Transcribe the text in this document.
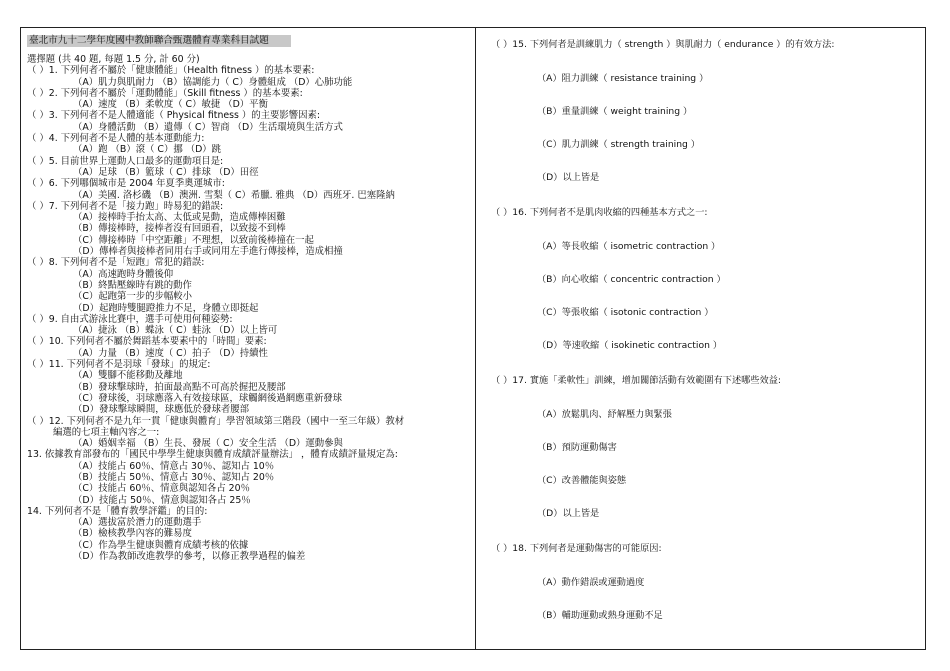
臺北市九十二學年度國中教師聯合甄選體育專業科目試題
選擇題 (共 40 題, 每題 1.5 分, 計 60 分)
（ ）1. 下列何者不屬於「健康體能」（Health fitness ）的基本要素:
（A）肌力與肌耐力 （B）協調能力（ C）身體組成 （D）心肺功能
（ ）2. 下列何者不屬於「運動體能」（Skill fitness ）的基本要素:
（A）速度 （B）柔軟度（ C）敏捷 （D）平衡
（ ）3. 下列何者不是人體適能（ Physical fitness ）的主要影響因素:
（A）身體活動 （B）遺傳（ C）智商 （D）生活環境與生活方式
（ ）4. 下列何者不是人體的基本運動能力:
（A）跑 （B）滾（ C）挪 （D）跳
（ ）5. 目前世界上運動人口最多的運動項目是:
（A）足球 （B）籃球（ C）排球 （D）田徑
（ ）6. 下列哪個城市是 2004 年夏季奧運城市:
（A）美國. 洛杉磯 （B）澳洲. 雪梨（ C）希臘. 雅典 （D）西班牙. 巴塞隆納
（ ）7. 下列何者不是「接力跑」時易犯的錯誤:
（A）接棒時手抬太高、太低或晃動，造成傳棒困難
（B）傳接棒時，接棒者沒有回頭看，以致接不到棒
（C）傳接棒時「中空距離」不理想，以致前後棒撞在一起
（D）傳棒者與接棒者同用右手或同用左手進行傳接棒，造成相撞
（ ）8. 下列何者不是「短跑」常犯的錯誤:
（A）高速跑時身體後仰
（B）終點壓線時有跳的動作
（C）起跑第一步的步幅較小
（D）起跑時雙腿蹬推力不足，身體立即挺起
（ ）9. 自由式游泳比賽中，選手可使用何種姿勢:
（A）捷泳 （B）蝶泳（ C）蛙泳 （D）以上皆可
（ ）10. 下列何者不屬於舞蹈基本要素中的「時間」要素:
（A）力量 （B）速度（ C）拍子 （D）持續性
（ ）11. 下列何者不是羽球「發球」的規定:
（A）雙腳不能移動及離地
（B）發球擊球時，拍面最高點不可高於握把及腰部
（C）發球後，羽球應落入有效接球區，球觸網後過網應重新發球
（D）發球擊球瞬間，球應低於發球者腰部
（ ）12. 下列何者不是九年一貫「健康與體育」學習領域第三階段（國中一至三年級）教材
編選的七項主軸內容之一:
（A）婚姻幸福 （B）生長、發展（ C）安全生活 （D）運動參與
13. 依據教育部發布的「國民中學學生健康與體育成績評量辦法」 ，體育成績評量規定為:
（A）技能占 60％、情意占 30％、認知占 10％
（B）技能占 50％、情意占 30％、認知占 20％
（C）技能占 60％、情意與認知各占 20％
（D）技能占 50％、情意與認知各占 25％
14. 下列何者不是「體育教學評鑑」的目的:
（A）選拔富於潛力的運動選手
（B）檢核教學內容的難易度
（C）作為學生健康與體育成績考核的依據
（D）作為教師改進教學的參考，以修正教學過程的偏差
（ ）15. 下列何者是訓練肌力（ strength ）與肌耐力（ endurance ）的有效方法:
（A）阻力訓練（ resistance training ）
（B）重量訓練（ weight training ）
（C）肌力訓練（ strength training ）
（D）以上皆是
（ ）16. 下列何者不是肌肉收縮的四種基本方式之一:
（A）等長收縮（ isometric contraction ）
（B）向心收縮（ concentric contraction ）
（C）等張收縮（ isotonic contraction ）
（D）等速收縮（ isokinetic contraction ）
（ ）17. 實施「柔軟性」訓練，增加關節活動有效範圍有下述哪些效益:
（A）放鬆肌肉、紓解壓力與緊張
（B）預防運動傷害
（C）改善體能與姿態
（D）以上皆是
（ ）18. 下列何者是運動傷害的可能原因:
（A）動作錯誤或運動過度
（B）輔助運動或熱身運動不足
